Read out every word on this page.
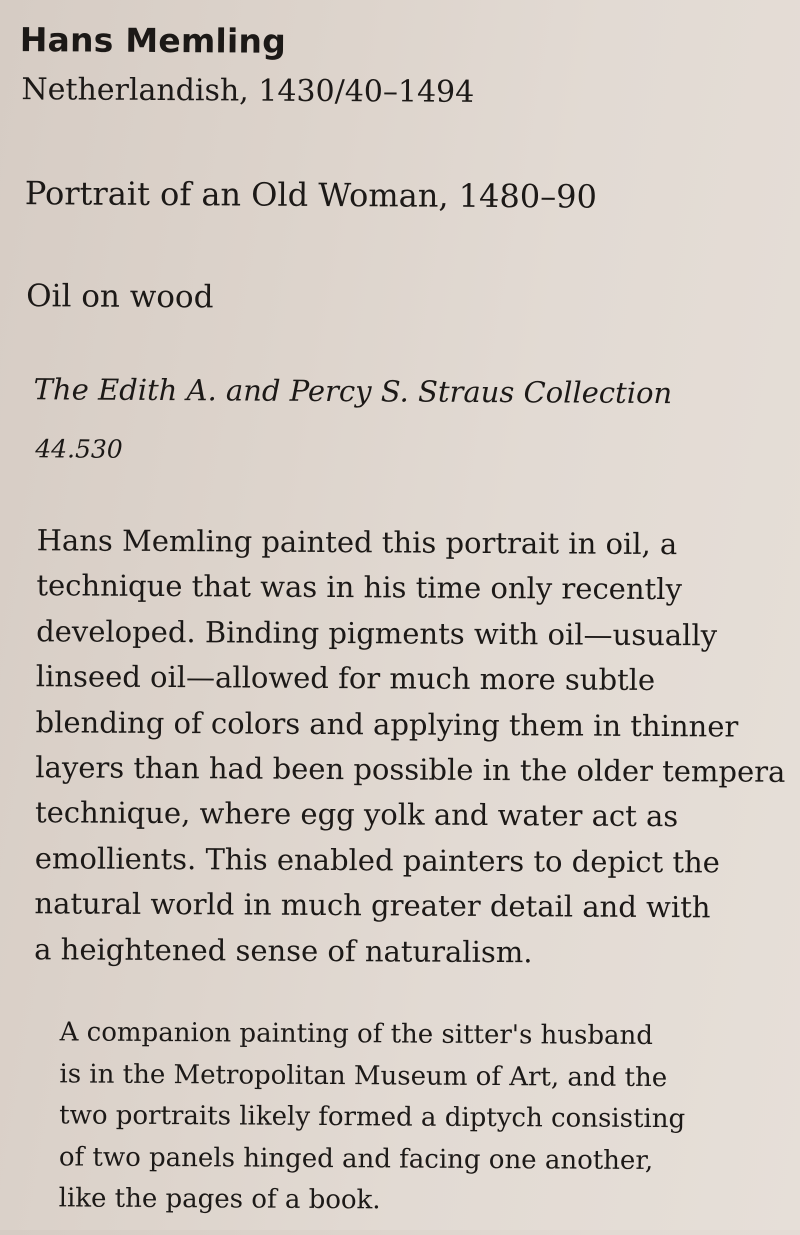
Hans Memling
Netherlandish, 1430/40–1494
Portrait of an Old Woman, 1480–90
Oil on wood
The Edith A. and Percy S. Straus Collection
44.530

Hans Memling painted this portrait in oil, a
technique that was in his time only recently
developed. Binding pigments with oil—usually
linseed oil—allowed for much more subtle
blending of colors and applying them in thinner
layers than had been possible in the older tempera
technique, where egg yolk and water act as
emollients. This enabled painters to depict the
natural world in much greater detail and with
a heightened sense of naturalism.

A companion painting of the sitter's husband
is in the Metropolitan Museum of Art, and the
two portraits likely formed a diptych consisting
of two panels hinged and facing one another,
like the pages of a book.
